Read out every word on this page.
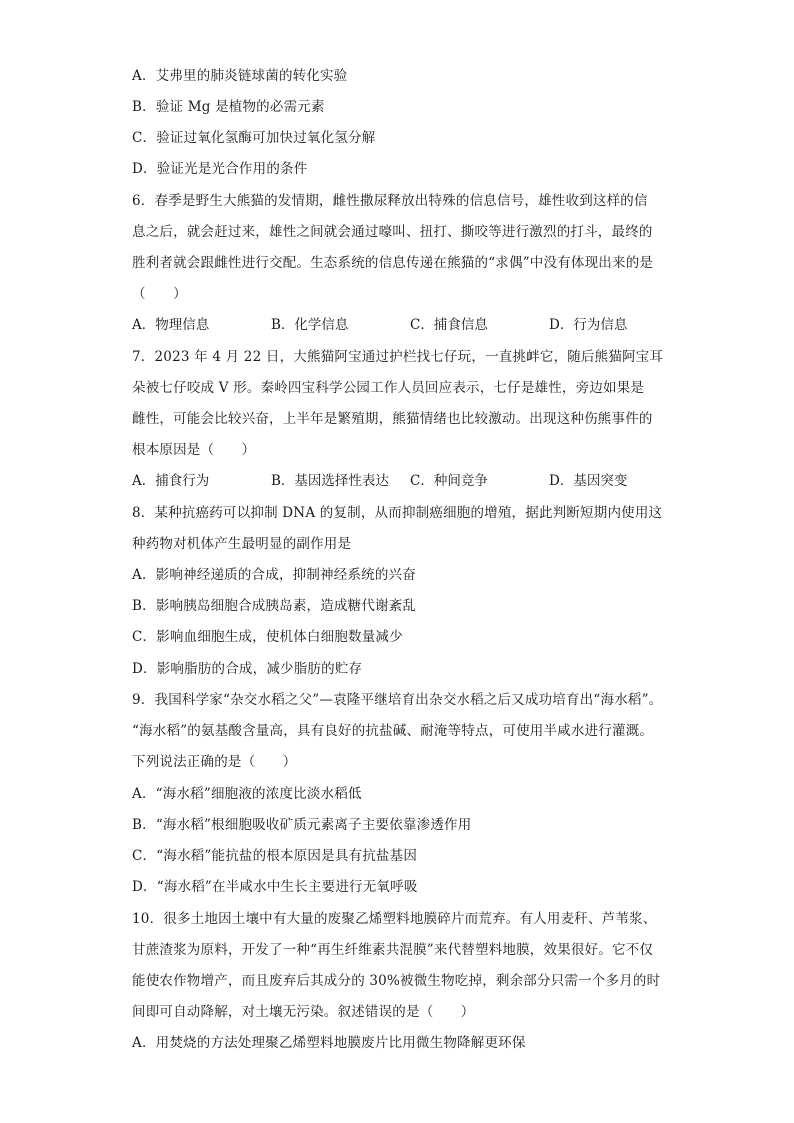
A．艾弗里的肺炎链球菌的转化实验
B．验证 Mg 是植物的必需元素
C．验证过氧化氢酶可加快过氧化氢分解
D．验证光是光合作用的条件
6．春季是野生大熊猫的发情期，雌性撒尿释放出特殊的信息信号，雄性收到这样的信
息之后，就会赶过来，雄性之间就会通过嚎叫、扭打、撕咬等进行激烈的打斗，最终的
胜利者就会跟雌性进行交配。生态系统的信息传递在熊猫的“求偶”中没有体现出来的是
（　　）
A．物理信息	B．化学信息	C．捕食信息	D．行为信息
7．2023 年 4 月 22 日，大熊猫阿宝通过护栏找七仔玩，一直挑衅它，随后熊猫阿宝耳
朵被七仔咬成 V 形。秦岭四宝科学公园工作人员回应表示，七仔是雄性，旁边如果是
雌性，可能会比较兴奋，上半年是繁殖期，熊猫情绪也比较激动。出现这种伤熊事件的
根本原因是（　　）
A．捕食行为	B．基因选择性表达	C．种间竞争	D．基因突变
8．某种抗癌药可以抑制 DNA 的复制，从而抑制癌细胞的增殖，据此判断短期内使用这
种药物对机体产生最明显的副作用是
A．影响神经递质的合成，抑制神经系统的兴奋
B．影响胰岛细胞合成胰岛素，造成糖代谢紊乱
C．影响血细胞生成，使机体白细胞数量减少
D．影响脂肪的合成，减少脂肪的贮存
9．我国科学家“杂交水稻之父”—袁隆平继培育出杂交水稻之后又成功培育出“海水稻”。
“海水稻”的氨基酸含量高，具有良好的抗盐碱、耐淹等特点，可使用半咸水进行灌溉。
下列说法正确的是（　　）
A．“海水稻”细胞液的浓度比淡水稻低
B．“海水稻”根细胞吸收矿质元素离子主要依靠渗透作用
C．“海水稻”能抗盐的根本原因是具有抗盐基因
D．“海水稻”在半咸水中生长主要进行无氧呼吸
10．很多土地因土壤中有大量的废聚乙烯塑料地膜碎片而荒弃。有人用麦秆、芦苇浆、
甘蔗渣浆为原料，开发了一种“再生纤维素共混膜”来代替塑料地膜，效果很好。它不仅
能使农作物增产，而且废弃后其成分的 30%被微生物吃掉，剩余部分只需一个多月的时
间即可自动降解，对土壤无污染。叙述错误的是（　　）
A．用焚烧的方法处理聚乙烯塑料地膜废片比用微生物降解更环保
